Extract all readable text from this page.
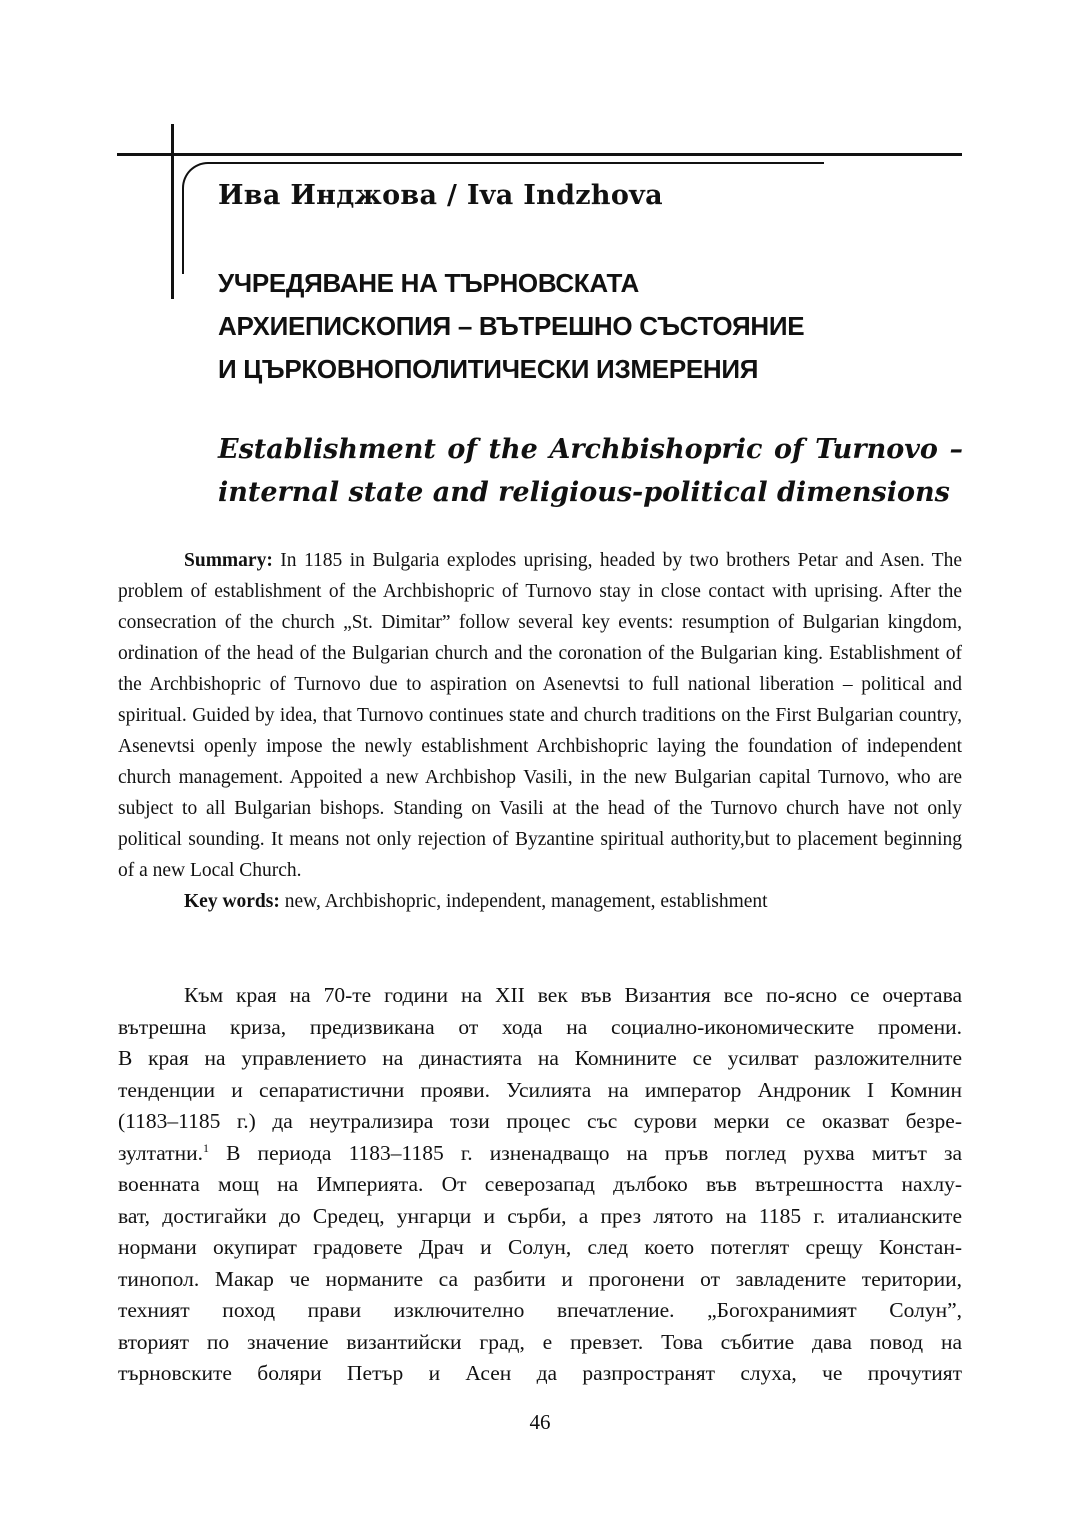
Ива Инджова / Iva Indzhova
УЧРЕДЯВАНЕ НА ТЪРНОВСКАТА
АРХИЕПИСКОПИЯ – ВЪТРЕШНО СЪСТОЯНИЕ
И ЦЪРКОВНОПОЛИТИЧЕСКИ ИЗМЕРЕНИЯ
Establishment of the Archbishopric of Turnovo –
internal state and religious-political dimensions

Summary: In 1185 in Bulgaria explodes uprising, headed by two brothers Petar and Asen. The problem of establishment of the Archbishopric of Turnovo stay in close contact with uprising. After the consecration of the church „St. Dimitar” follow several key events: resumption of Bulgarian kingdom, ordination of the head of the Bulgarian church and the coronation of the Bulgarian king. Establishment of the Archbishopric of Turnovo due to aspiration on Asenevtsi to full national liberation – political and spiritual. Guided by idea, that Turnovo continues state and church traditions on the First Bulgarian country, Asenevtsi openly impose the newly establishment Archbishopric laying the foundation of independent church management. Appoited a new Archbishop Vasili, in the new Bulgarian capital Turnovo, who are subject to all Bulgarian bishops. Standing on Vasili at the head of the Turnovo church have not only political sounding. It means not only rejection of Byzantine spiritual authority,but to placement beginning of a new Local Church.

Key words: new, Archbishopric, independent, management, establishment

Към края на 70-те години на XII век във Византия все по-ясно се очертава
вътрешна криза, предизвикана от хода на социално-икономическите промени.
В края на управлението на династията на Комнините се усилват разложителните
тенденции и сепаратистични прояви. Усилията на император Андроник I Комнин
(1183–1185 г.) да неутрализира този процес със сурови мерки се оказват безре-
зултатни.$^1$ В периода 1183–1185 г. изненадващо на пръв поглед рухва митът за
военната мощ на Империята. От северозапад дълбоко във вътрешността нахлу-
ват, достигайки до Средец, унгарци и сърби, а през лятото на 1185 г. италианските
нормани окупират градовете Драч и Солун, след което потеглят срещу Констан-
тинопол. Макар че норманите са разбити и прогонени от завладените територии,
техният поход прави изключително впечатление. „Богохранимият Солун”,
вторият по значение византийски град, е превзет. Това събитие дава повод на
търновските боляри Петър и Асен да разпространят слуха, че прочутият

46
